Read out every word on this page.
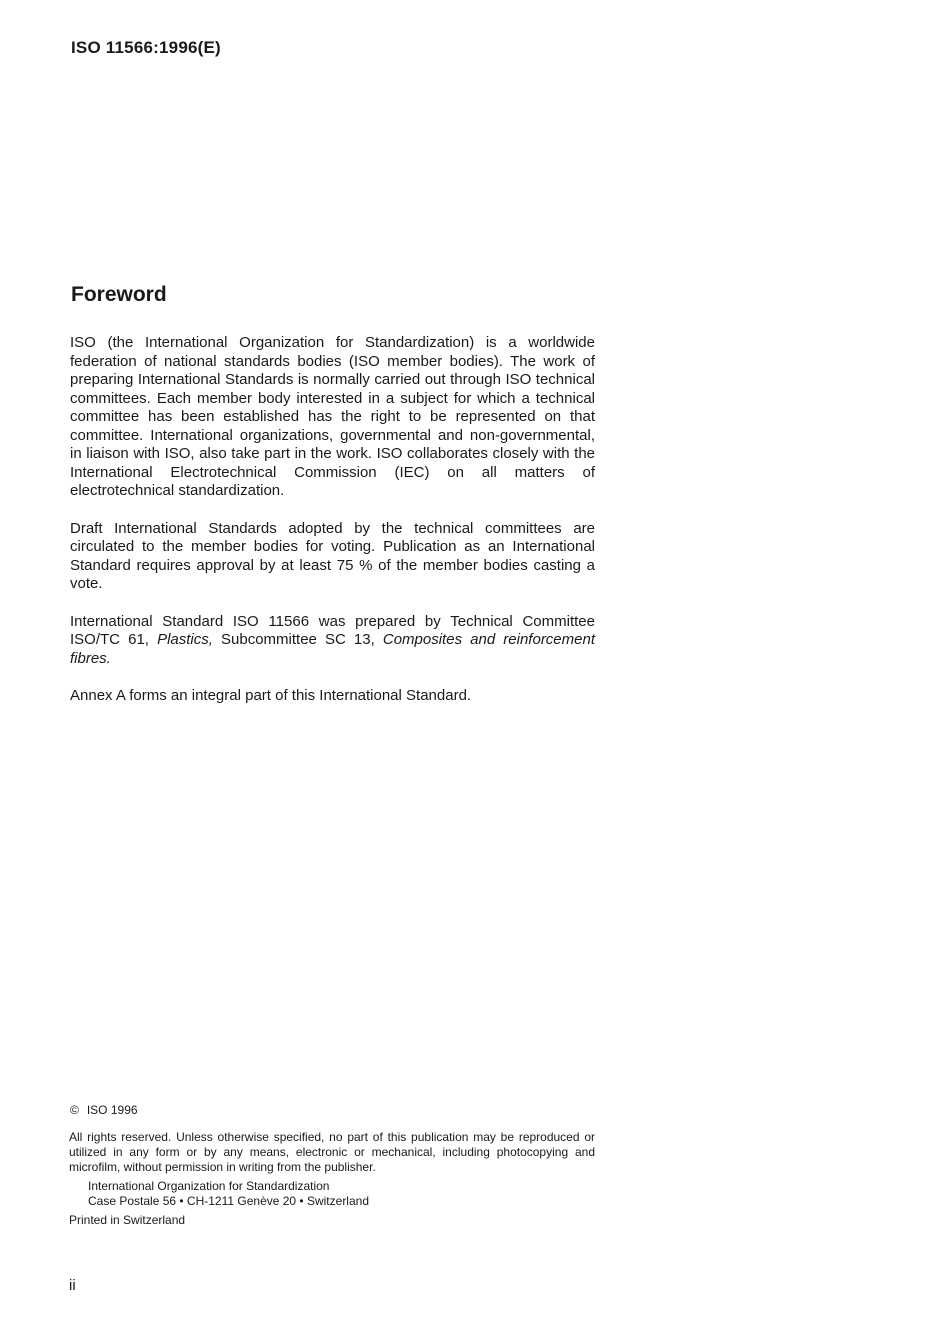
ISO 11566:1996(E)
Foreword

ISO (the International Organization for Standardization) is a worldwide federation of national standards bodies (ISO member bodies). The work of preparing International Standards is normally carried out through ISO technical committees. Each member body interested in a subject for which a technical committee has been established has the right to be represented on that committee. International organizations, governmental and non-governmental, in liaison with ISO, also take part in the work. ISO collaborates closely with the International Electrotechnical Commission (IEC) on all matters of electrotechnical standardization.

Draft International Standards adopted by the technical committees are circulated to the member bodies for voting. Publication as an International Standard requires approval by at least 75 % of the member bodies casting a vote.

International Standard ISO 11566 was prepared by Technical Committee ISO/TC 61, Plastics, Subcommittee SC 13, Composites and reinforcement fibres.

Annex A forms an integral part of this International Standard.

© ISO 1996
All rights reserved. Unless otherwise specified, no part of this publication may be reproduced or utilized in any form or by any means, electronic or mechanical, including photocopying and microfilm, without permission in writing from the publisher.
International Organization for Standardization
Case Postale 56 • CH-1211 Genève 20 • Switzerland
Printed in Switzerland
ii
